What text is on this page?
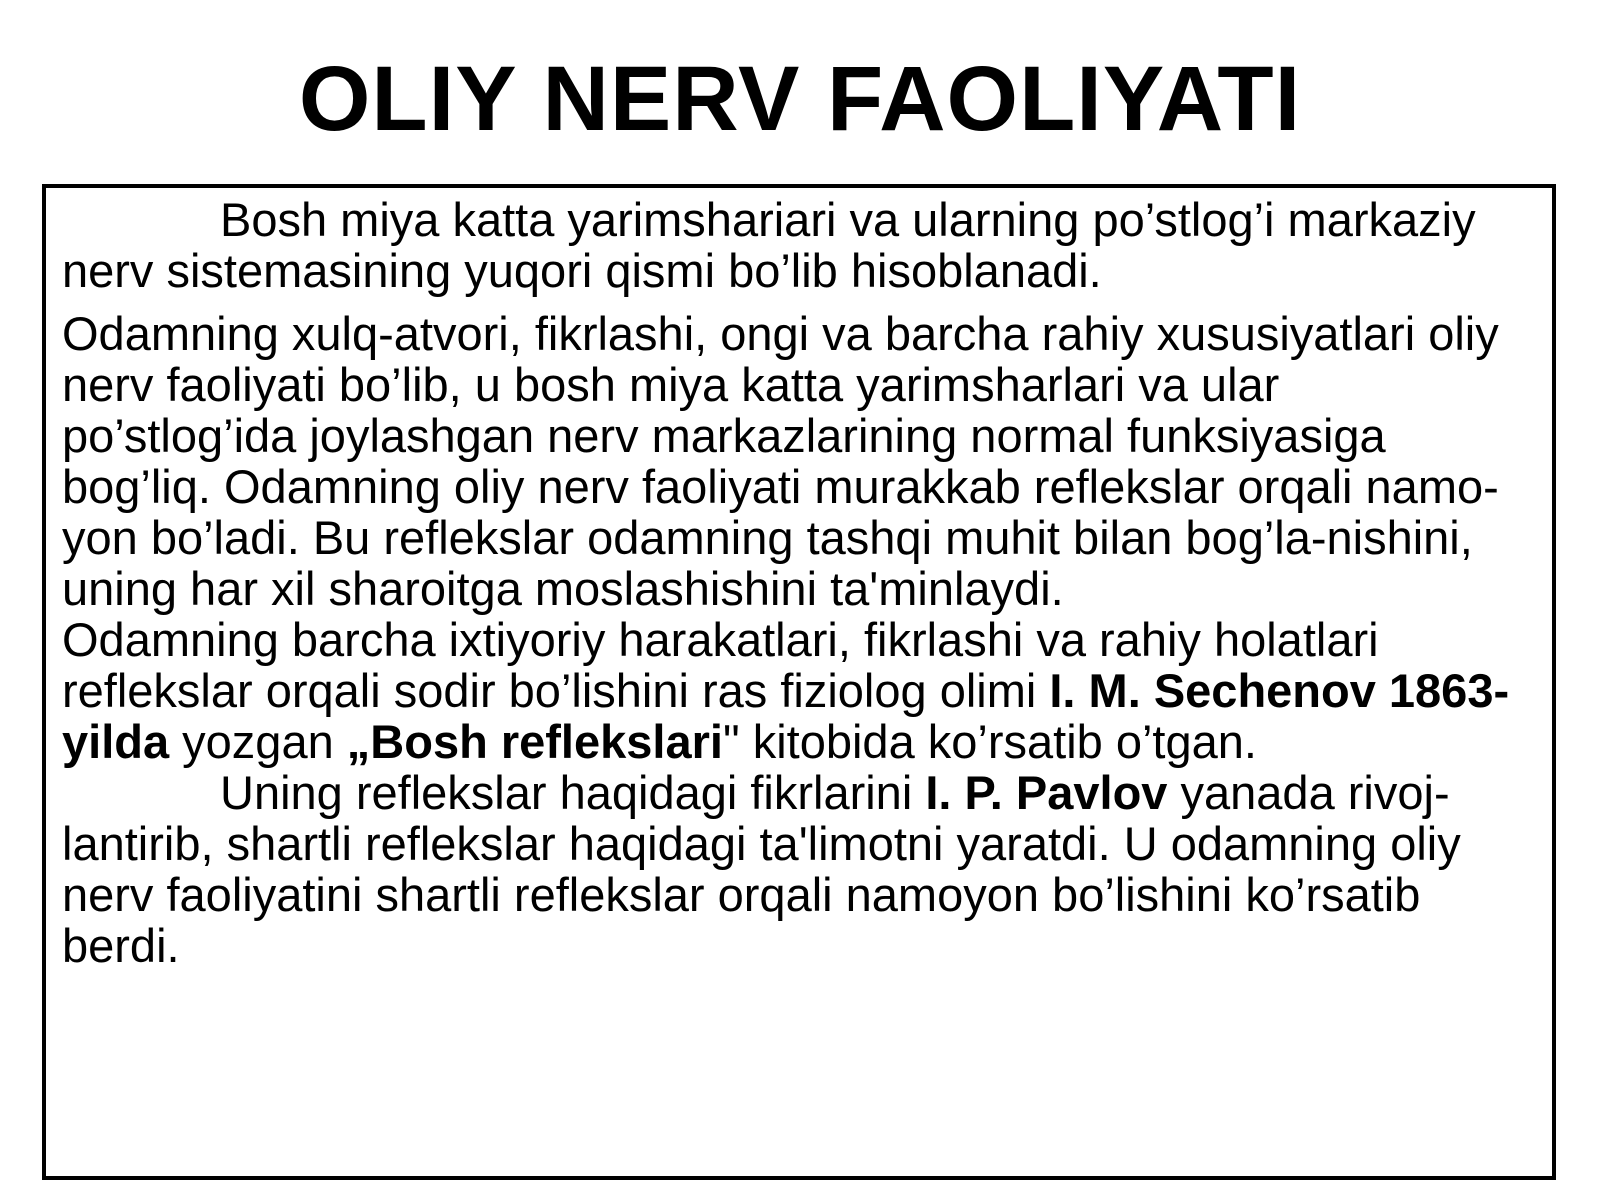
OLIY NERV FAOLIYATI

Bosh miya katta yarimshariari va ularning po’stlog’i markaziy nerv sistemasining yuqori qismi bo’lib hisoblanadi.

Odamning xulq-atvori, fikrlashi, ongi va barcha rahiy xususiyatlari oliy nerv faoliyati bo’lib, u bosh miya katta yarimsharlari va ular po’stlog’ida joylashgan nerv markazlarining normal funksiyasiga bog’liq. Odamning oliy nerv faoliyati murakkab reflekslar orqali namo-yon bo’ladi. Bu reflekslar odamning tashqi muhit bilan bog’la-nishini, uning har xil sharoitga moslashishini ta'minlaydi.

Odamning barcha ixtiyoriy harakatlari, fikrlashi va rahiy holatlari reflekslar orqali sodir bo’lishini ras fiziolog olimi I. M. Sechenov 1863- yilda yozgan „Bosh reflekslari" kitobida ko’rsatib o’tgan.

Uning reflekslar haqidagi fikrlarini I. P. Pavlov yanada rivoj-lantirib, shartli reflekslar haqidagi ta'limotni yaratdi. U odamning oliy nerv faoliyatini shartli reflekslar orqali namoyon bo’lishini ko’rsatib berdi.
